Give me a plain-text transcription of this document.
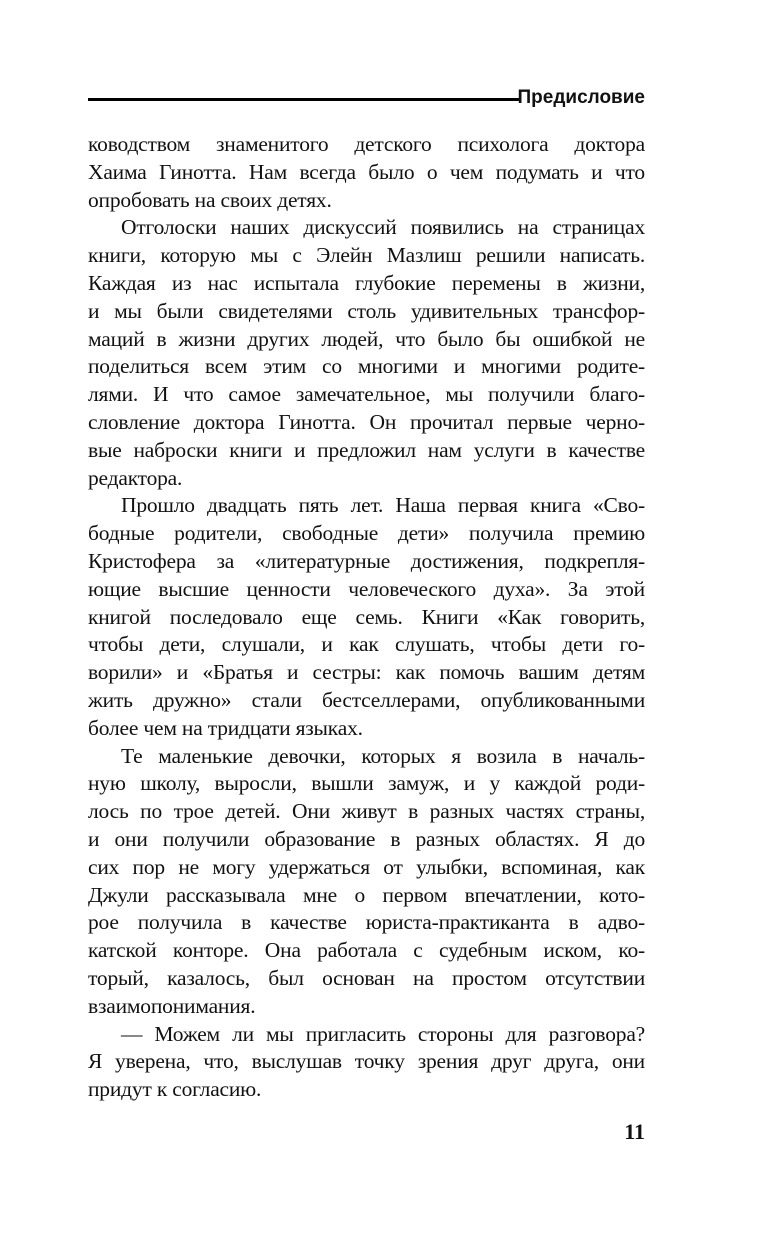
Предисловие
ководством знаменитого детского психолога доктора
Хаима Гинотта. Нам всегда было о чем подумать и что
опробовать на своих детях.
Отголоски наших дискуссий появились на страницах
книги, которую мы с Элейн Мазлиш решили написать.
Каждая из нас испытала глубокие перемены в жизни,
и мы были свидетелями столь удивительных трансфор-
маций в жизни других людей, что было бы ошибкой не
поделиться всем этим со многими и многими родите-
лями. И что самое замечательное, мы получили благо-
словление доктора Гинотта. Он прочитал первые черно-
вые наброски книги и предложил нам услуги в качестве
редактора.
Прошло двадцать пять лет. Наша первая книга «Сво-
бодные родители, свободные дети» получила премию
Кристофера за «литературные достижения, подкрепля-
ющие высшие ценности человеческого духа». За этой
книгой последовало еще семь. Книги «Как говорить,
чтобы дети, слушали, и как слушать, чтобы дети го-
ворили» и «Братья и сестры: как помочь вашим детям
жить дружно» стали бестселлерами, опубликованными
более чем на тридцати языках.
Те маленькие девочки, которых я возила в началь-
ную школу, выросли, вышли замуж, и у каждой роди-
лось по трое детей. Они живут в разных частях страны,
и они получили образование в разных областях. Я до
сих пор не могу удержаться от улыбки, вспоминая, как
Джули рассказывала мне о первом впечатлении, кото-
рое получила в качестве юриста-практиканта в адво-
катской конторе. Она работала с судебным иском, ко-
торый, казалось, был основан на простом отсутствии
взаимопонимания.
— Можем ли мы пригласить стороны для разговора?
Я уверена, что, выслушав точку зрения друг друга, они
придут к согласию.
11
